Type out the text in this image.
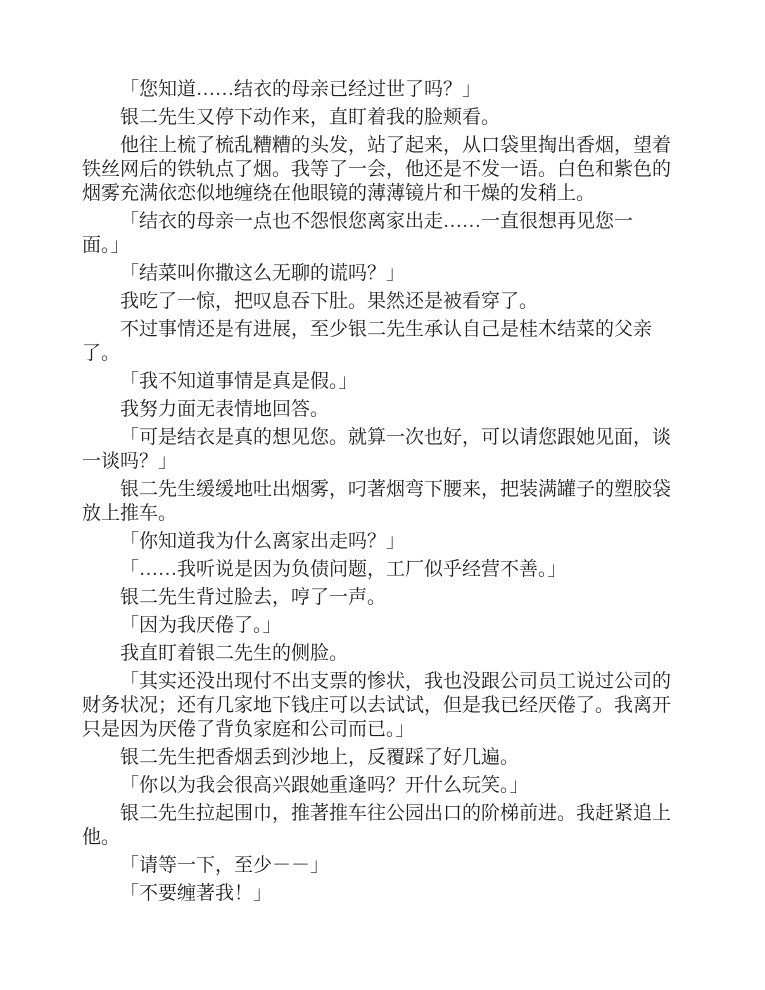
「您知道……结衣的母亲已经过世了吗？」
银二先生又停下动作来，直盯着我的脸颊看。
他往上梳了梳乱糟糟的头发，站了起来，从口袋里掏出香烟，望着
铁丝网后的铁轨点了烟。我等了一会，他还是不发一语。白色和紫色的
烟雾充满依恋似地缠绕在他眼镜的薄薄镜片和干燥的发稍上。
「结衣的母亲一点也不怨恨您离家出走……一直很想再见您一
面。」
「结菜叫你撒这么无聊的谎吗？」
我吃了一惊，把叹息吞下肚。果然还是被看穿了。
不过事情还是有进展，至少银二先生承认自己是桂木结菜的父亲
了。
「我不知道事情是真是假。」
我努力面无表情地回答。
「可是结衣是真的想见您。就算一次也好，可以请您跟她见面，谈
一谈吗？」
银二先生缓缓地吐出烟雾，叼著烟弯下腰来，把装满罐子的塑胶袋
放上推车。
「你知道我为什么离家出走吗？」
「……我听说是因为负债问题，工厂似乎经营不善。」
银二先生背过脸去，哼了一声。
「因为我厌倦了。」
我直盯着银二先生的侧脸。
「其实还没出现付不出支票的惨状，我也没跟公司员工说过公司的
财务状况；还有几家地下钱庄可以去试试，但是我已经厌倦了。我离开
只是因为厌倦了背负家庭和公司而已。」
银二先生把香烟丢到沙地上，反覆踩了好几遍。
「你以为我会很高兴跟她重逢吗？开什么玩笑。」
银二先生拉起围巾，推著推车往公园出口的阶梯前进。我赶紧追上
他。
「请等一下，至少－－」
「不要缠著我！」
